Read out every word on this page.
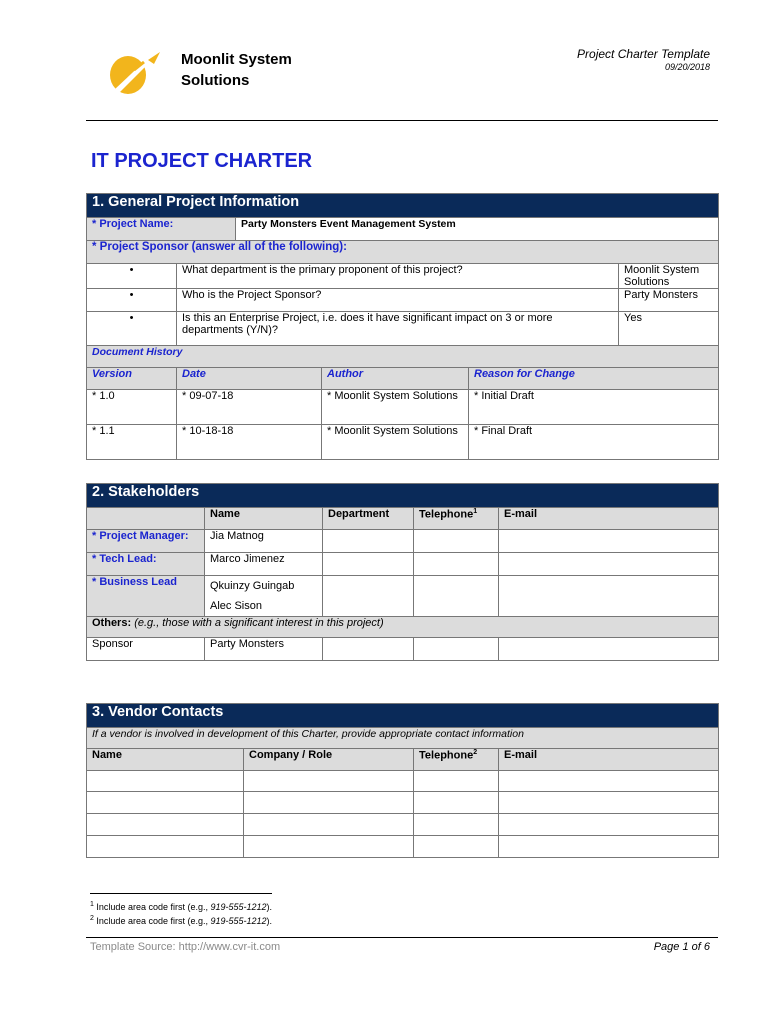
Moonlit System
Solutions
Project Charter Template
09/20/2018
IT PROJECT CHARTER
1. General Project Information					
* Project Name:		Party Monsters Event Management System			
* Project Sponsor (answer all of the following):					
•	What department is the primary proponent of this project?				Moonlit System Solutions
•	Who is the Project Sponsor?				Party Monsters
•	Is this an Enterprise Project, i.e. does it have significant impact on 3 or more departments (Y/N)?				Yes
Document History					
Version	Date		Author	Reason for Change	
* 1.0	* 09-07-18		* Moonlit System Solutions	* Initial Draft	
* 1.1	* 10-18-18		* Moonlit System Solutions	* Final Draft	
2. Stakeholders				
	Name	Department	Telephone$^1$	E-mail
* Project Manager:	Jia Matnog			
* Tech Lead:	Marco Jimenez			
* Business Lead	Qkuinzy Guingab
Alec Sison			

Others: (e.g., those with a significant interest in this project)				
Sponsor	Party Monsters			
3. Vendor Contacts			
If a vendor is involved in development of this Charter, provide appropriate contact information			
Name	Company / Role	Telephone$^2$	E-mail

$^1$ Include area code first (e.g., 919-555-1212).
$^2$ Include area code first (e.g., 919-555-1212).
Template Source: http://www.cvr-it.com	Page 1 of 6
